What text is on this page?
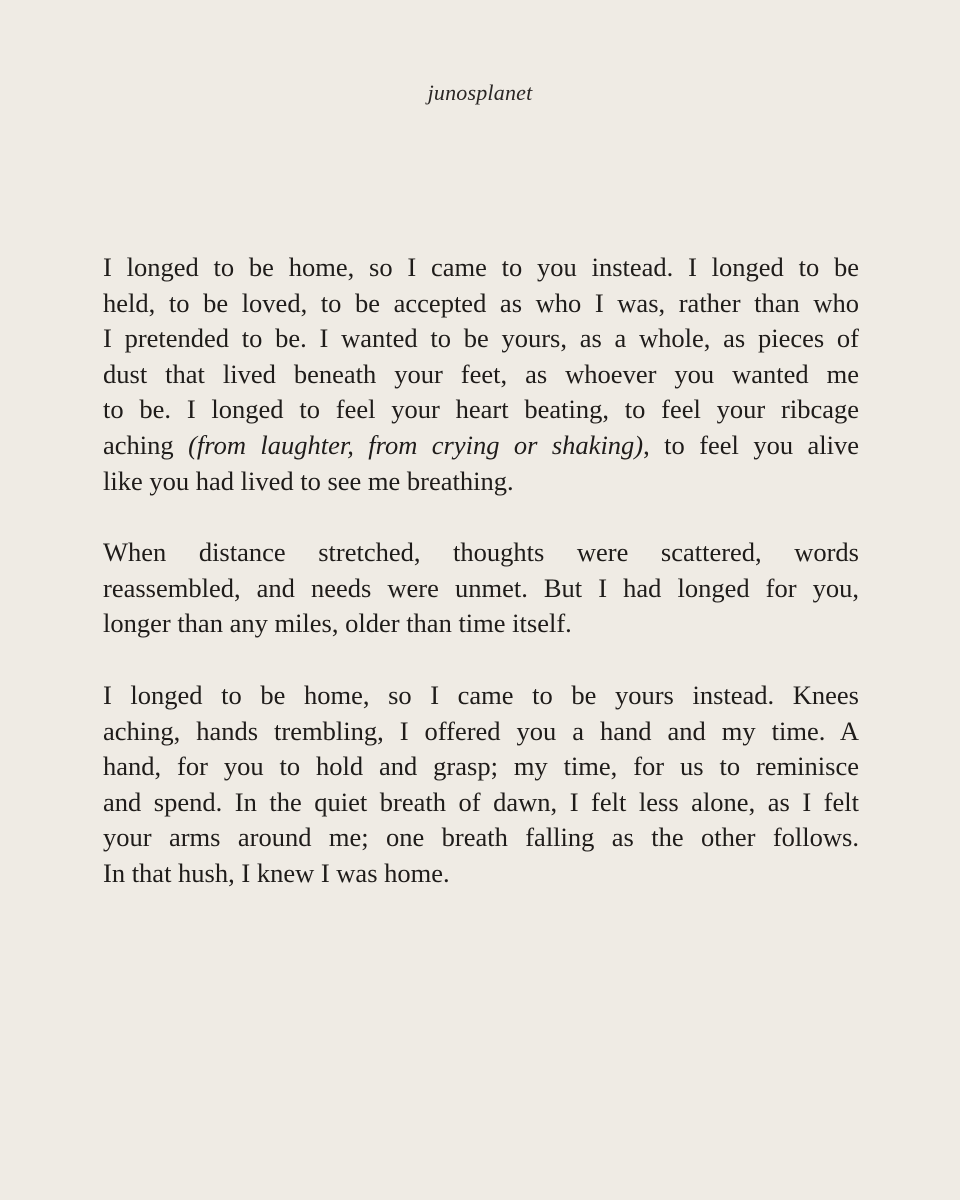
junosplanet

I longed to be home, so I came to you instead. I longed to be
held, to be loved, to be accepted as who I was, rather than who
I pretended to be. I wanted to be yours, as a whole, as pieces of
dust that lived beneath your feet, as whoever you wanted me
to be. I longed to feel your heart beating, to feel your ribcage
aching (from laughter, from crying or shaking), to feel you alive
like you had lived to see me breathing.

When distance stretched, thoughts were scattered, words
reassembled, and needs were unmet. But I had longed for you,
longer than any miles, older than time itself.

I longed to be home, so I came to be yours instead. Knees
aching, hands trembling, I offered you a hand and my time. A
hand, for you to hold and grasp; my time, for us to reminisce
and spend. In the quiet breath of dawn, I felt less alone, as I felt
your arms around me; one breath falling as the other follows.
In that hush, I knew I was home.
